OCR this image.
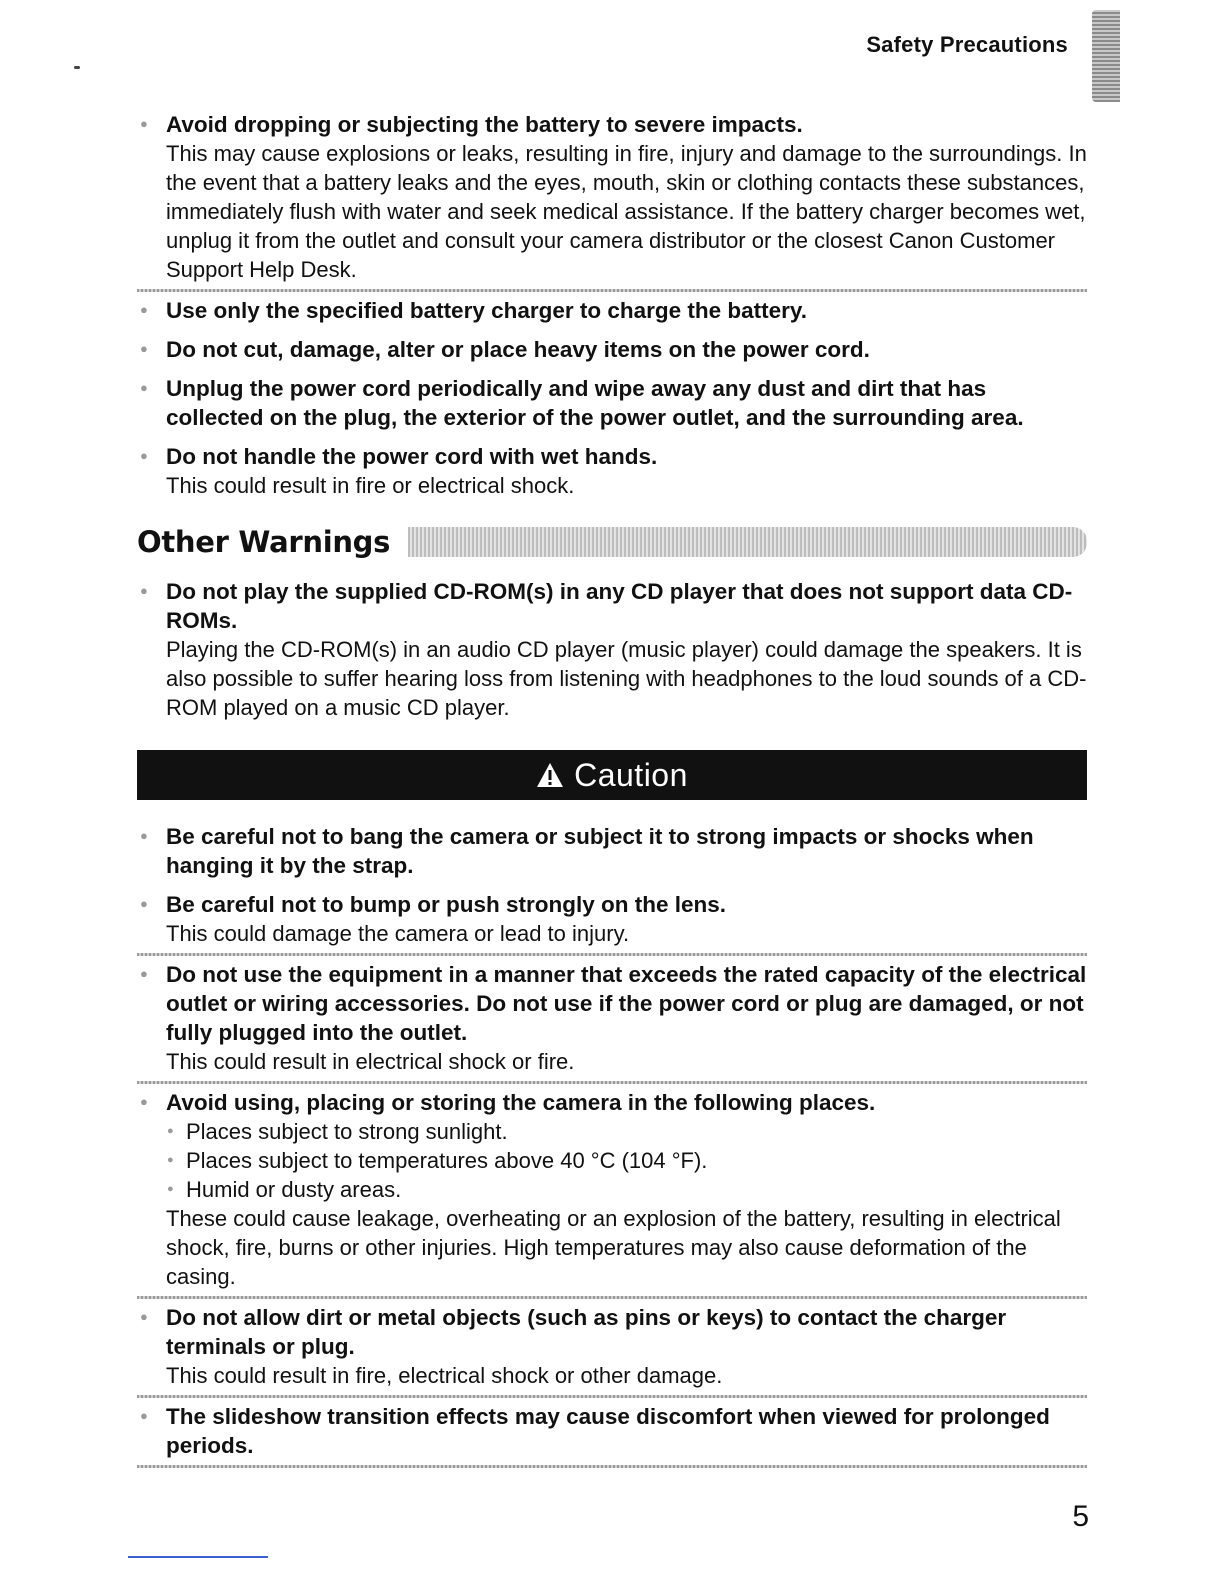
Safety Precautions
● Avoid dropping or subjecting the battery to severe impacts.
This may cause explosions or leaks, resulting in fire, injury and damage to the surroundings. In the event that a battery leaks and the eyes, mouth, skin or clothing contacts these substances, immediately flush with water and seek medical assistance. If the battery charger becomes wet, unplug it from the outlet and consult your camera distributor or the closest Canon Customer Support Help Desk.
● Use only the specified battery charger to charge the battery.
● Do not cut, damage, alter or place heavy items on the power cord.
● Unplug the power cord periodically and wipe away any dust and dirt that has collected on the plug, the exterior of the power outlet, and the surrounding area.
● Do not handle the power cord with wet hands.
This could result in fire or electrical shock.
Other Warnings
● Do not play the supplied CD-ROM(s) in any CD player that does not support data CD-ROMs.
Playing the CD-ROM(s) in an audio CD player (music player) could damage the speakers. It is also possible to suffer hearing loss from listening with headphones to the loud sounds of a CD-ROM played on a music CD player.
Caution
● Be careful not to bang the camera or subject it to strong impacts or shocks when hanging it by the strap.
● Be careful not to bump or push strongly on the lens.
This could damage the camera or lead to injury.
● Do not use the equipment in a manner that exceeds the rated capacity of the electrical outlet or wiring accessories. Do not use if the power cord or plug are damaged, or not fully plugged into the outlet.
This could result in electrical shock or fire.
● Avoid using, placing or storing the camera in the following places.
● Places subject to strong sunlight.
● Places subject to temperatures above 40 °C (104 °F).
● Humid or dusty areas.
These could cause leakage, overheating or an explosion of the battery, resulting in electrical shock, fire, burns or other injuries. High temperatures may also cause deformation of the casing.
● Do not allow dirt or metal objects (such as pins or keys) to contact the charger terminals or plug.
This could result in fire, electrical shock or other damage.
● The slideshow transition effects may cause discomfort when viewed for prolonged periods.
5
